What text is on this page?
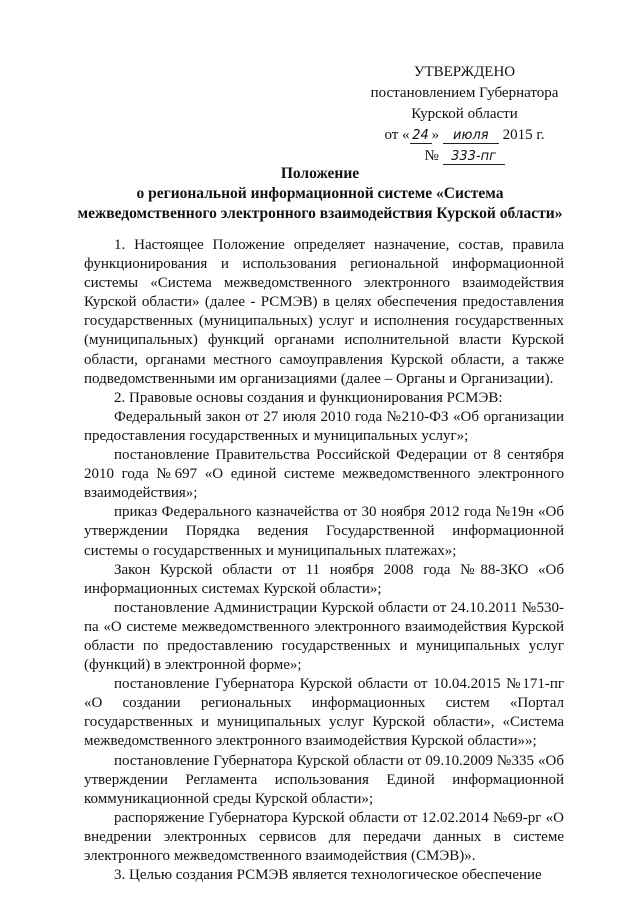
УТВЕРЖДЕНО
постановлением Губернатора
Курской области
от « 24 » июля 2015 г.
№ 333-пг
Положение
о региональной информационной системе «Система
межведомственного электронного взаимодействия Курской области»

1. Настоящее Положение определяет назначение, состав, правила функционирования и использования региональной информационной системы «Система межведомственного электронного взаимодействия Курской области» (далее - РСМЭВ) в целях обеспечения предоставления государственных (муниципальных) услуг и исполнения государственных (муниципальных) функций органами исполнительной власти Курской области, органами местного самоуправления Курской области, а также подведомственными им организациями (далее – Органы и Организации).

2. Правовые основы создания и функционирования РСМЭВ:

Федеральный закон от 27 июля 2010 года №210-ФЗ «Об организации предоставления государственных и муниципальных услуг»;

постановление Правительства Российской Федерации от 8 сентября 2010 года №697 «О единой системе межведомственного электронного взаимодействия»;

приказ Федерального казначейства от 30 ноября 2012 года №19н «Об утверждении Порядка ведения Государственной информационной системы о государственных и муниципальных платежах»;

Закон Курской области от 11 ноября 2008 года №88-ЗКО «Об информационных системах Курской области»;

постановление Администрации Курской области от 24.10.2011 №530-па «О системе межведомственного электронного взаимодействия Курской области по предоставлению государственных и муниципальных услуг (функций) в электронной форме»;

постановление Губернатора Курской области от 10.04.2015 №171-пг «О создании региональных информационных систем «Портал государственных и муниципальных услуг Курской области», «Система межведомственного электронного взаимодействия Курской области»»;

постановление Губернатора Курской области от 09.10.2009 №335 «Об утверждении Регламента использования Единой информационной коммуникационной среды Курской области»;

распоряжение Губернатора Курской области от 12.02.2014 №69-рг «О внедрении электронных сервисов для передачи данных в системе электронного межведомственного взаимодействия (СМЭВ)».

3. Целью создания РСМЭВ является технологическое обеспечение
